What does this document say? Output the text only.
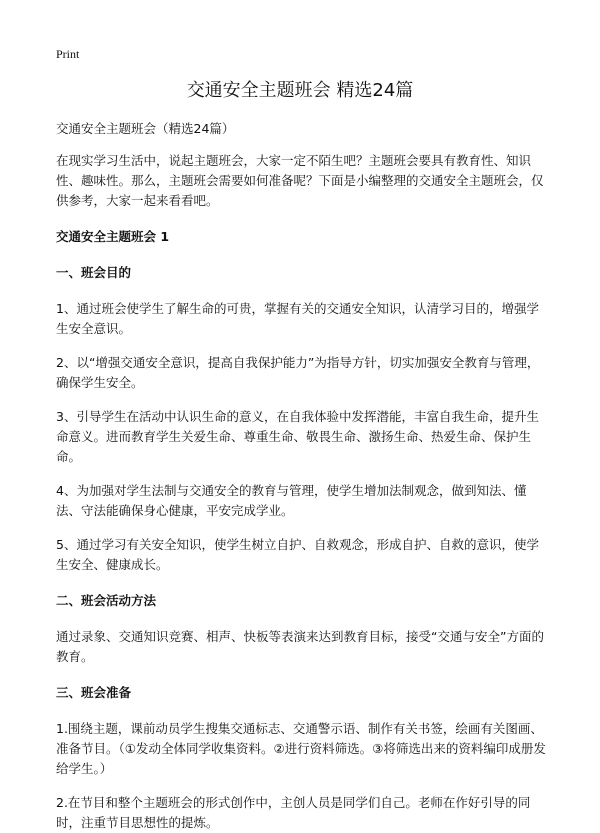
Print
交通安全主题班会 精选24篇

交通安全主题班会（精选24篇）

在现实学习生活中，说起主题班会，大家一定不陌生吧？主题班会要具有教育性、知识性、趣味性。那么，主题班会需要如何准备呢？下面是小编整理的交通安全主题班会，仅供参考，大家一起来看看吧。

交通安全主题班会 1

一、班会目的

1、通过班会使学生了解生命的可贵，掌握有关的交通安全知识，认清学习目的，增强学生安全意识。

2、以“增强交通安全意识，提高自我保护能力”为指导方针，切实加强安全教育与管理，确保学生安全。

3、引导学生在活动中认识生命的意义，在自我体验中发挥潜能，丰富自我生命，提升生命意义。进而教育学生关爱生命、尊重生命、敬畏生命、激扬生命、热爱生命、保护生命。

4、为加强对学生法制与交通安全的教育与管理，使学生增加法制观念，做到知法、懂法、守法能确保身心健康，平安完成学业。

5、通过学习有关安全知识，使学生树立自护、自救观念，形成自护、自救的意识，使学生安全、健康成长。

二、班会活动方法

通过录象、交通知识竞赛、相声、快板等表演来达到教育目标，接受“交通与安全”方面的教育。

三、班会准备

1.围绕主题，课前动员学生搜集交通标志、交通警示语、制作有关书签，绘画有关图画、准备节目。（①发动全体同学收集资料。②进行资料筛选。③将筛选出来的资料编印成册发给学生。）

2.在节目和整个主题班会的形式创作中，主创人员是同学们自己。老师在作好引导的同时，注重节目思想性的提炼。
